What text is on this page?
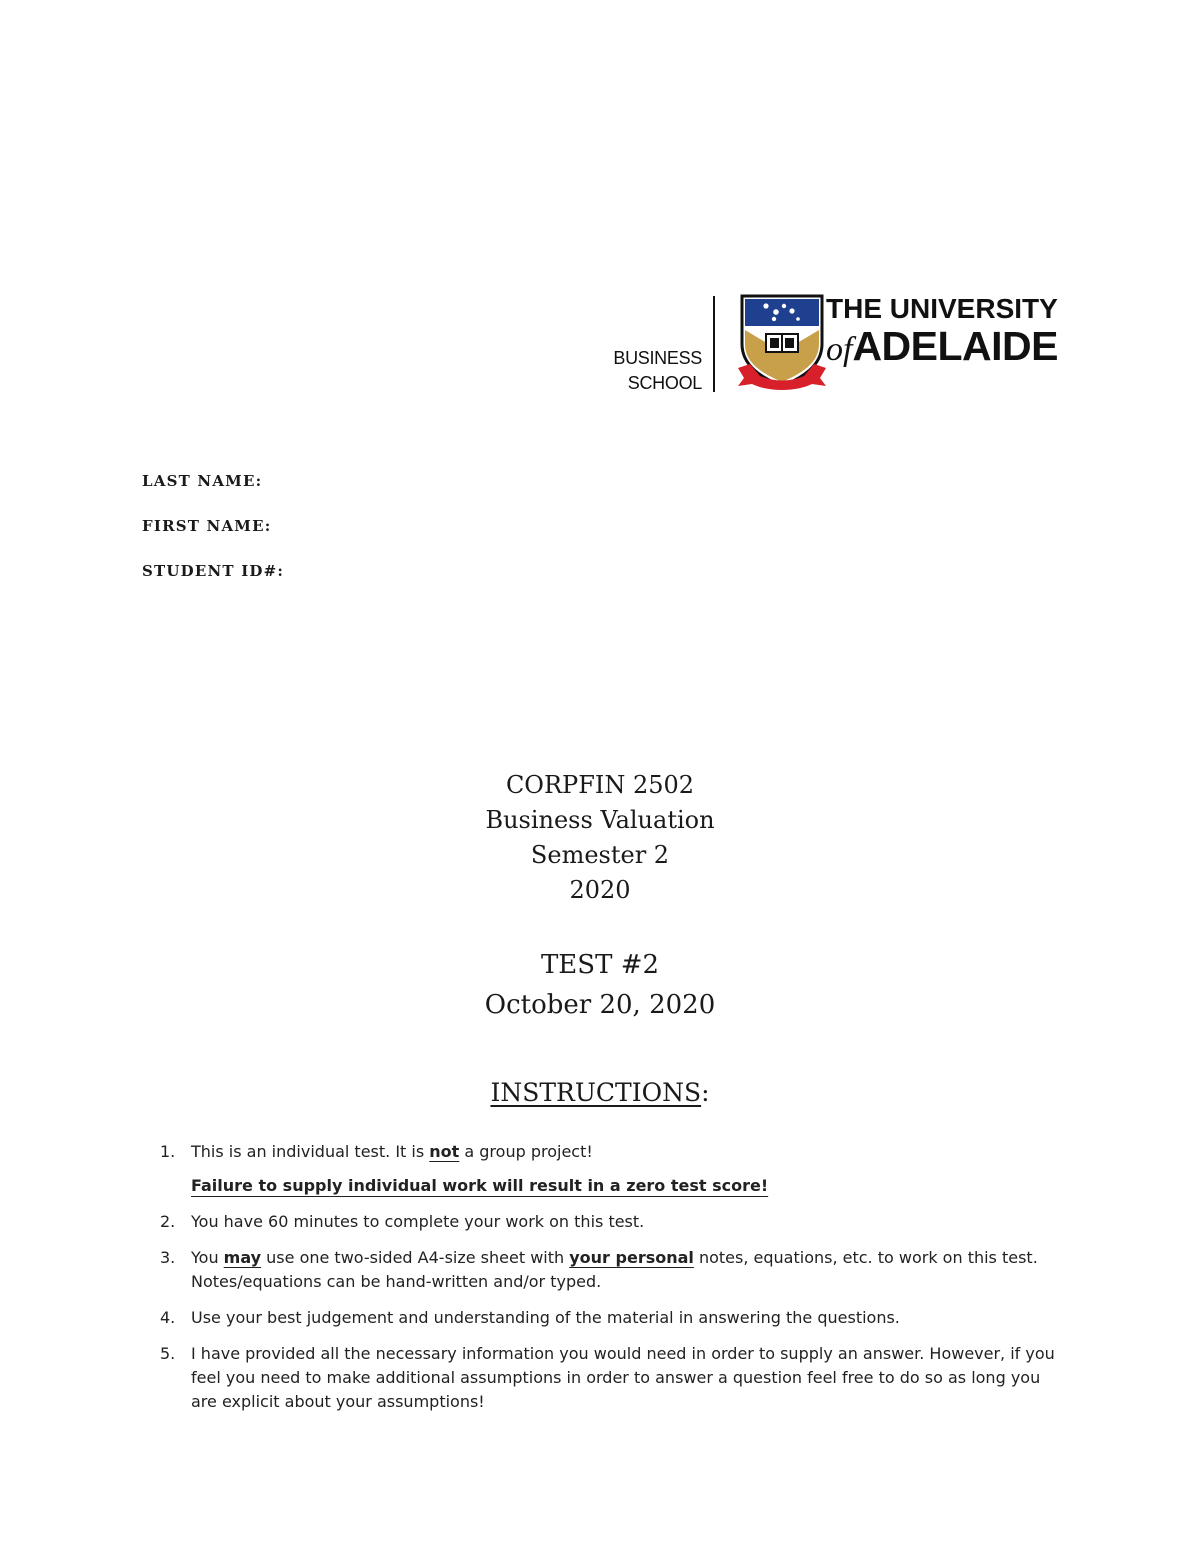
BUSINESS
SCHOOL
THE UNIVERSITY
ofADELAIDE
LAST NAME:
FIRST NAME:
STUDENT ID#:
CORPFIN 2502
Business Valuation
Semester 2
2020
TEST #2
October 20, 2020
INSTRUCTIONS:
1. This is an individual test. It is not a group project!
Failure to supply individual work will result in a zero test score!
2. You have 60 minutes to complete your work on this test.
3. You may use one two-sided A4-size sheet with your personal notes, equations, etc. to work on this test. Notes/equations can be hand-written and/or typed.
4. Use your best judgement and understanding of the material in answering the questions.
5. I have provided all the necessary information you would need in order to supply an answer. However, if you feel you need to make additional assumptions in order to answer a question feel free to do so as long you are explicit about your assumptions!
